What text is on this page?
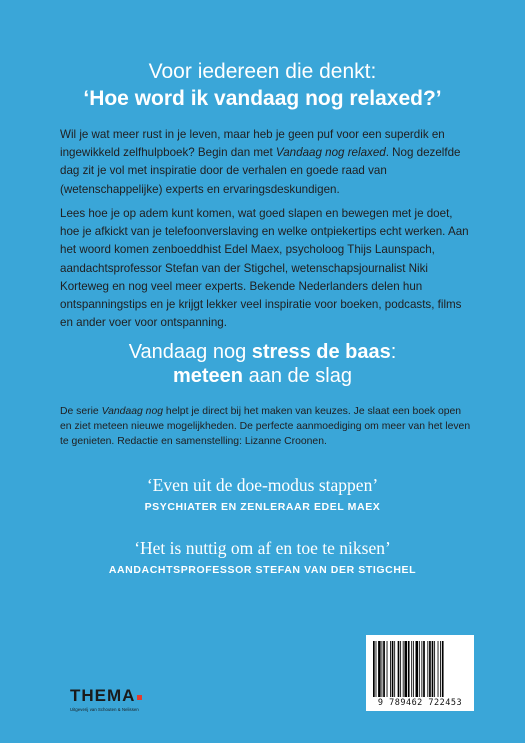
Voor iedereen die denkt:
‘Hoe word ik vandaag nog relaxed?’
Wil je wat meer rust in je leven, maar heb je geen puf voor een superdik en ingewikkeld zelfhulpboek? Begin dan met Vandaag nog relaxed. Nog dezelfde dag zit je vol met inspiratie door de verhalen en goede raad van (wetenschappelijke) experts en ervaringsdeskundigen.
Lees hoe je op adem kunt komen, wat goed slapen en bewegen met je doet, hoe je afkickt van je telefoonverslaving en welke ontpiekertips echt werken. Aan het woord komen zenboeddhist Edel Maex, psycholoog Thijs Launspach, aandachtsprofessor Stefan van der Stigchel, wetenschapsjournalist Niki Korteweg en nog veel meer experts. Bekende Nederlanders delen hun ontspanningstips en je krijgt lekker veel inspiratie voor boeken, podcasts, films en ander voer voor ontspanning.
Vandaag nog stress de baas:
meteen aan de slag
De serie Vandaag nog helpt je direct bij het maken van keuzes. Je slaat een boek open en ziet meteen nieuwe mogelijkheden. De perfecte aanmoediging om meer van het leven te genieten. Redactie en samenstelling: Lizanne Croonen.
‘Even uit de doe-modus stappen’
PSYCHIATER EN ZENLERAAR EDEL MAEX
‘Het is nuttig om af en toe te niksen’
AANDACHTSPROFESSOR STEFAN VAN DER STIGCHEL
THEMA
Uitgeverij van Schouten & Nelissen
9 789462 722453
